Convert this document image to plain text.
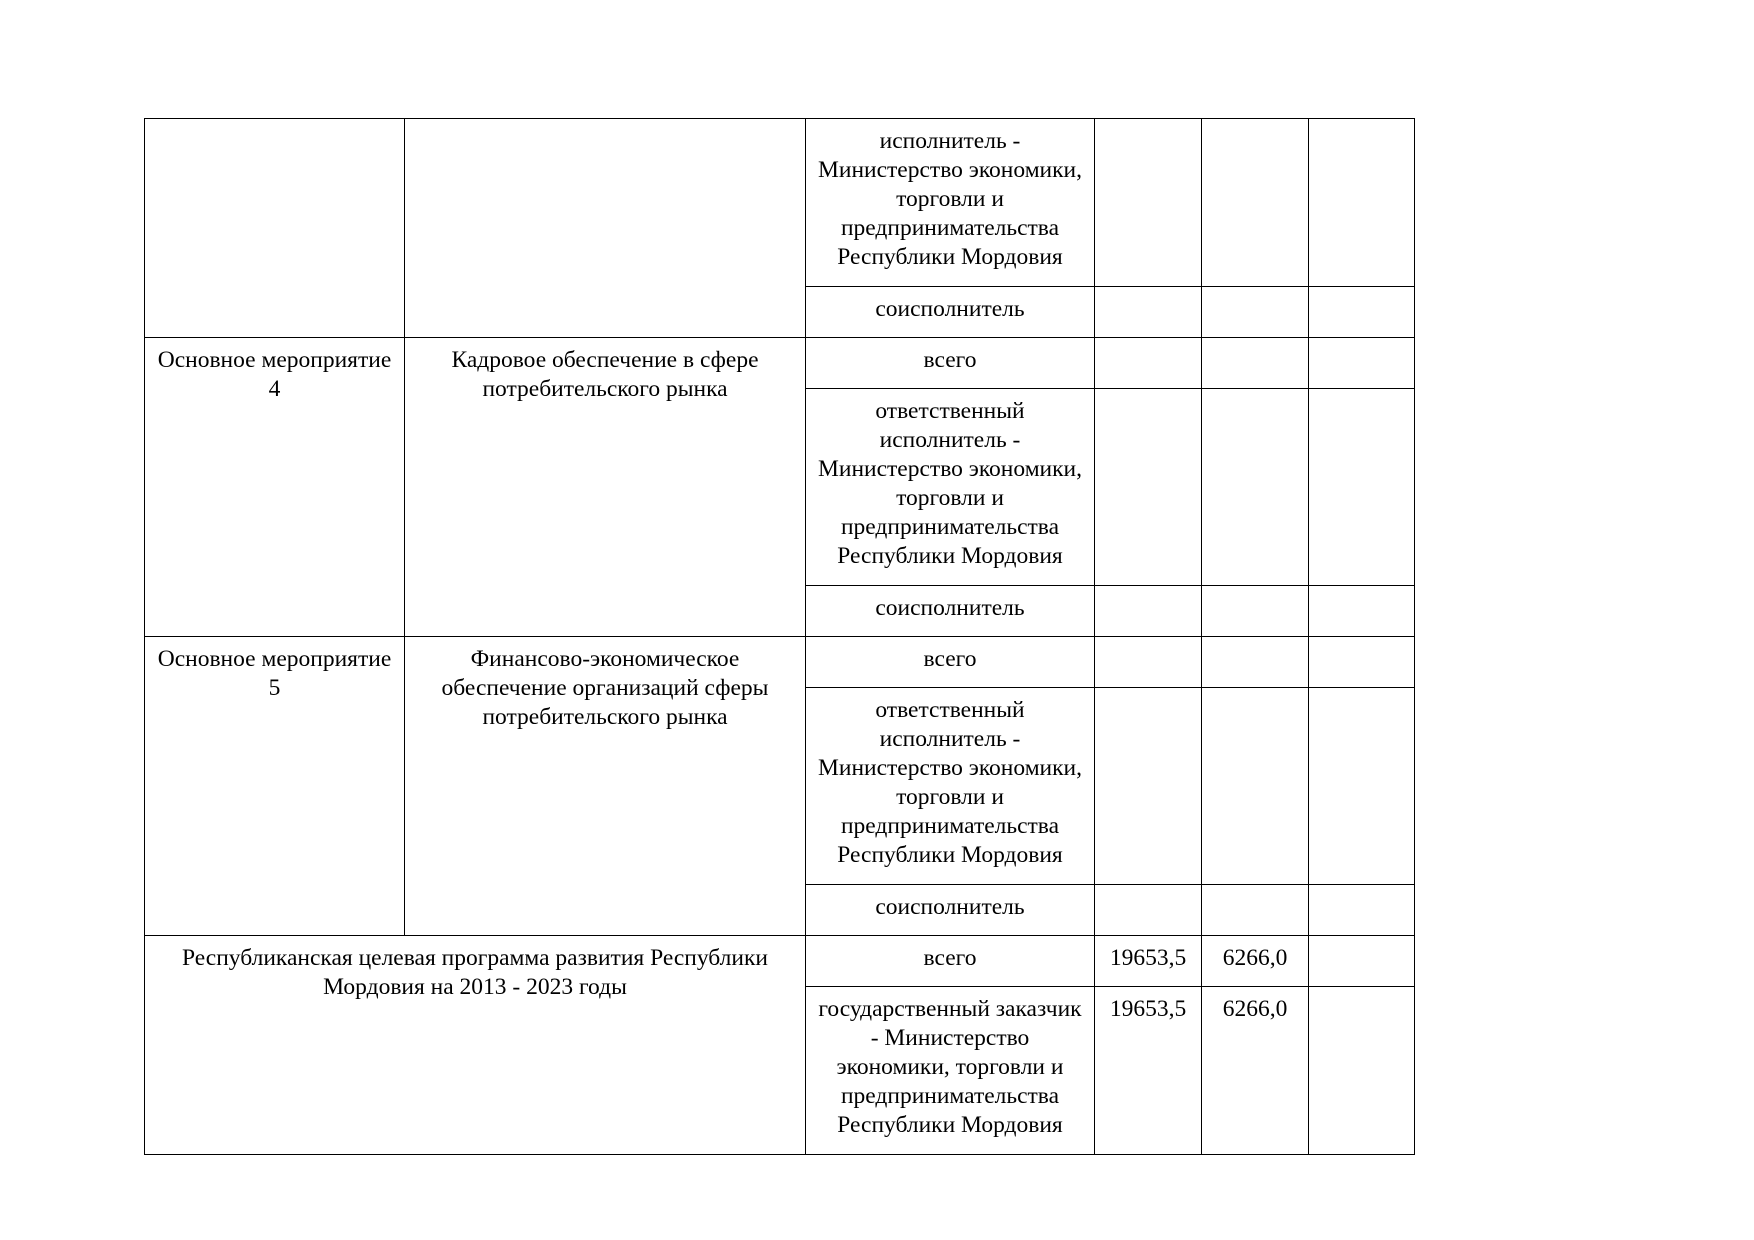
		исполнитель - Министерство экономики, торговли и предпринимательства Республики Мордовия			
		соисполнитель			
Основное мероприятие 4	Кадровое обеспечение в сфере потребительского рынка	всего			
		ответственный исполнитель - Министерство экономики, торговли и предпринимательства Республики Мордовия			
		соисполнитель			
Основное мероприятие 5	Финансово-экономическое обеспечение организаций сферы потребительского рынка	всего			
		ответственный исполнитель - Министерство экономики, торговли и предпринимательства Республики Мордовия			
		соисполнитель			
Республиканская целевая программа развития Республики Мордовия на 2013 - 2023 годы		всего	19653,5	6266,0	
		государственный заказчик - Министерство экономики, торговли и предпринимательства Республики Мордовия	19653,5	6266,0	
